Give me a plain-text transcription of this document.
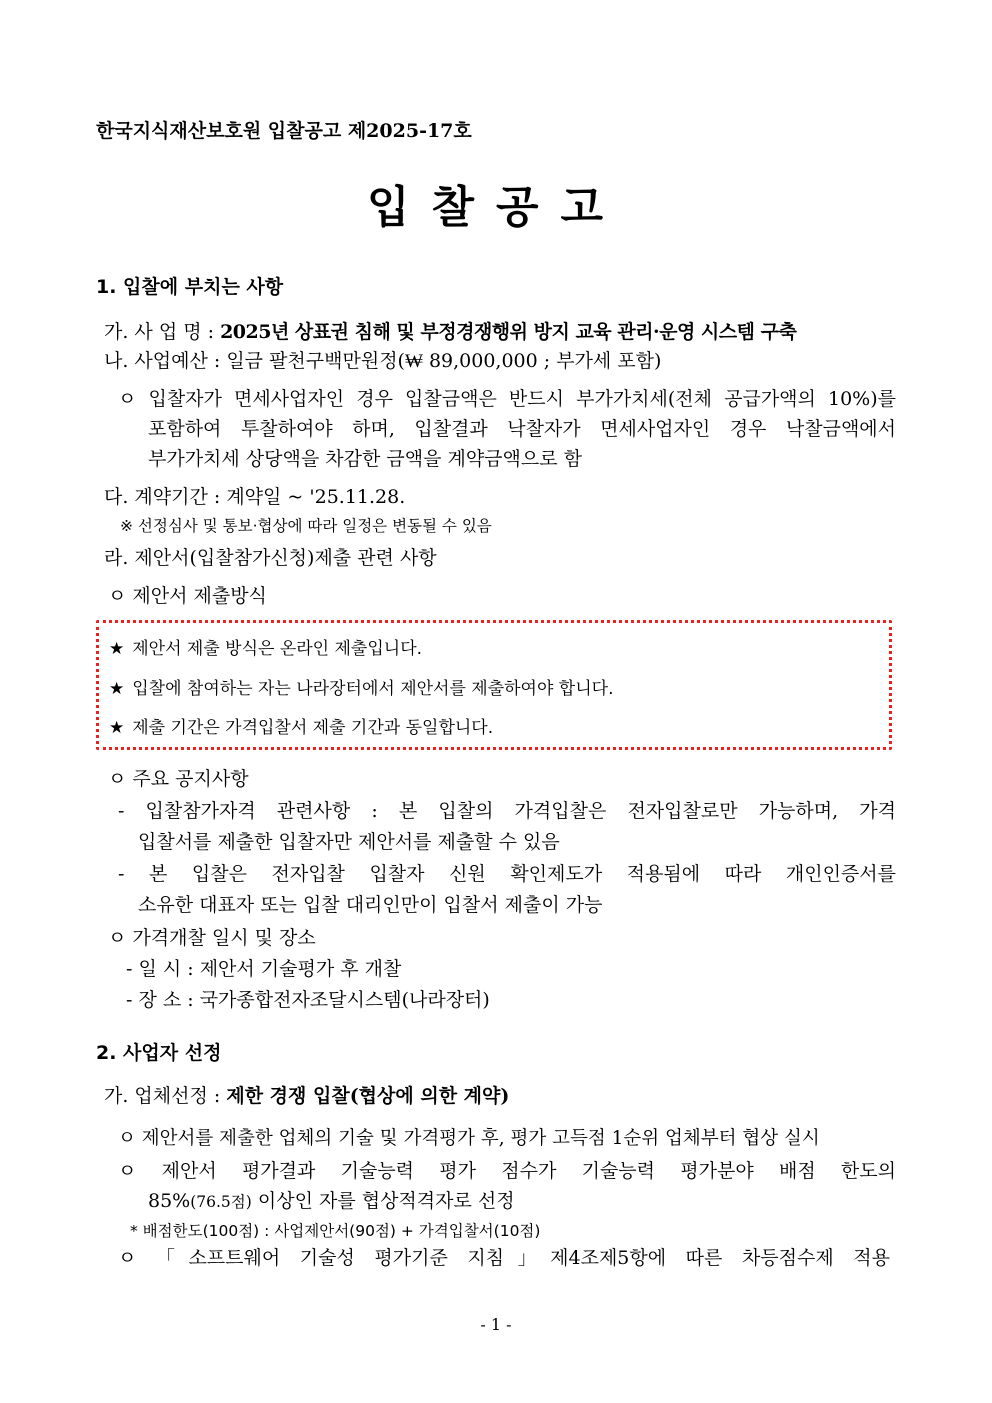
한국지식재산보호원 입찰공고 제2025-17호
입찰공고
1. 입찰에 부치는 사항
가. 사 업 명 : 2025년 상표권 침해 및 부정경쟁행위 방지 교육 관리·운영 시스템 구축
나. 사업예산 : 일금 팔천구백만원정(₩ 89,000,000 ; 부가세 포함)
ㅇ 입찰자가 면세사업자인 경우 입찰금액은 반드시 부가가치세(전체 공급가액의 10%)를
포함하여 투찰하여야 하며, 입찰결과 낙찰자가 면세사업자인 경우 낙찰금액에서
부가가치세 상당액을 차감한 금액을 계약금액으로 함
다. 계약기간 : 계약일 ~ '25.11.28.
※ 선정심사 및 통보·협상에 따라 일정은 변동될 수 있음
라. 제안서(입찰참가신청)제출 관련 사항
ㅇ 제안서 제출방식
★ 제안서 제출 방식은 온라인 제출입니다.
★ 입찰에 참여하는 자는 나라장터에서 제안서를 제출하여야 합니다.
★ 제출 기간은 가격입찰서 제출 기간과 동일합니다.
ㅇ 주요 공지사항
- 입찰참가자격 관련사항 : 본 입찰의 가격입찰은 전자입찰로만 가능하며, 가격
입찰서를 제출한 입찰자만 제안서를 제출할 수 있음
- 본 입찰은 전자입찰 입찰자 신원 확인제도가 적용됨에 따라 개인인증서를
소유한 대표자 또는 입찰 대리인만이 입찰서 제출이 가능
ㅇ 가격개찰 일시 및 장소
- 일 시 : 제안서 기술평가 후 개찰
- 장 소 : 국가종합전자조달시스템(나라장터)
2. 사업자 선정
가. 업체선정 : 제한 경쟁 입찰(협상에 의한 계약)
ㅇ 제안서를 제출한 업체의 기술 및 가격평가 후, 평가 고득점 1순위 업체부터 협상 실시
ㅇ 제안서 평가결과 기술능력 평가 점수가 기술능력 평가분야 배점 한도의
85%(76.5점) 이상인 자를 협상적격자로 선정
* 배점한도(100점) : 사업제안서(90점) + 가격입찰서(10점)
ㅇ 「소프트웨어 기술성 평가기준 지침」제4조제5항에 따른 차등점수제 적용
- 1 -
